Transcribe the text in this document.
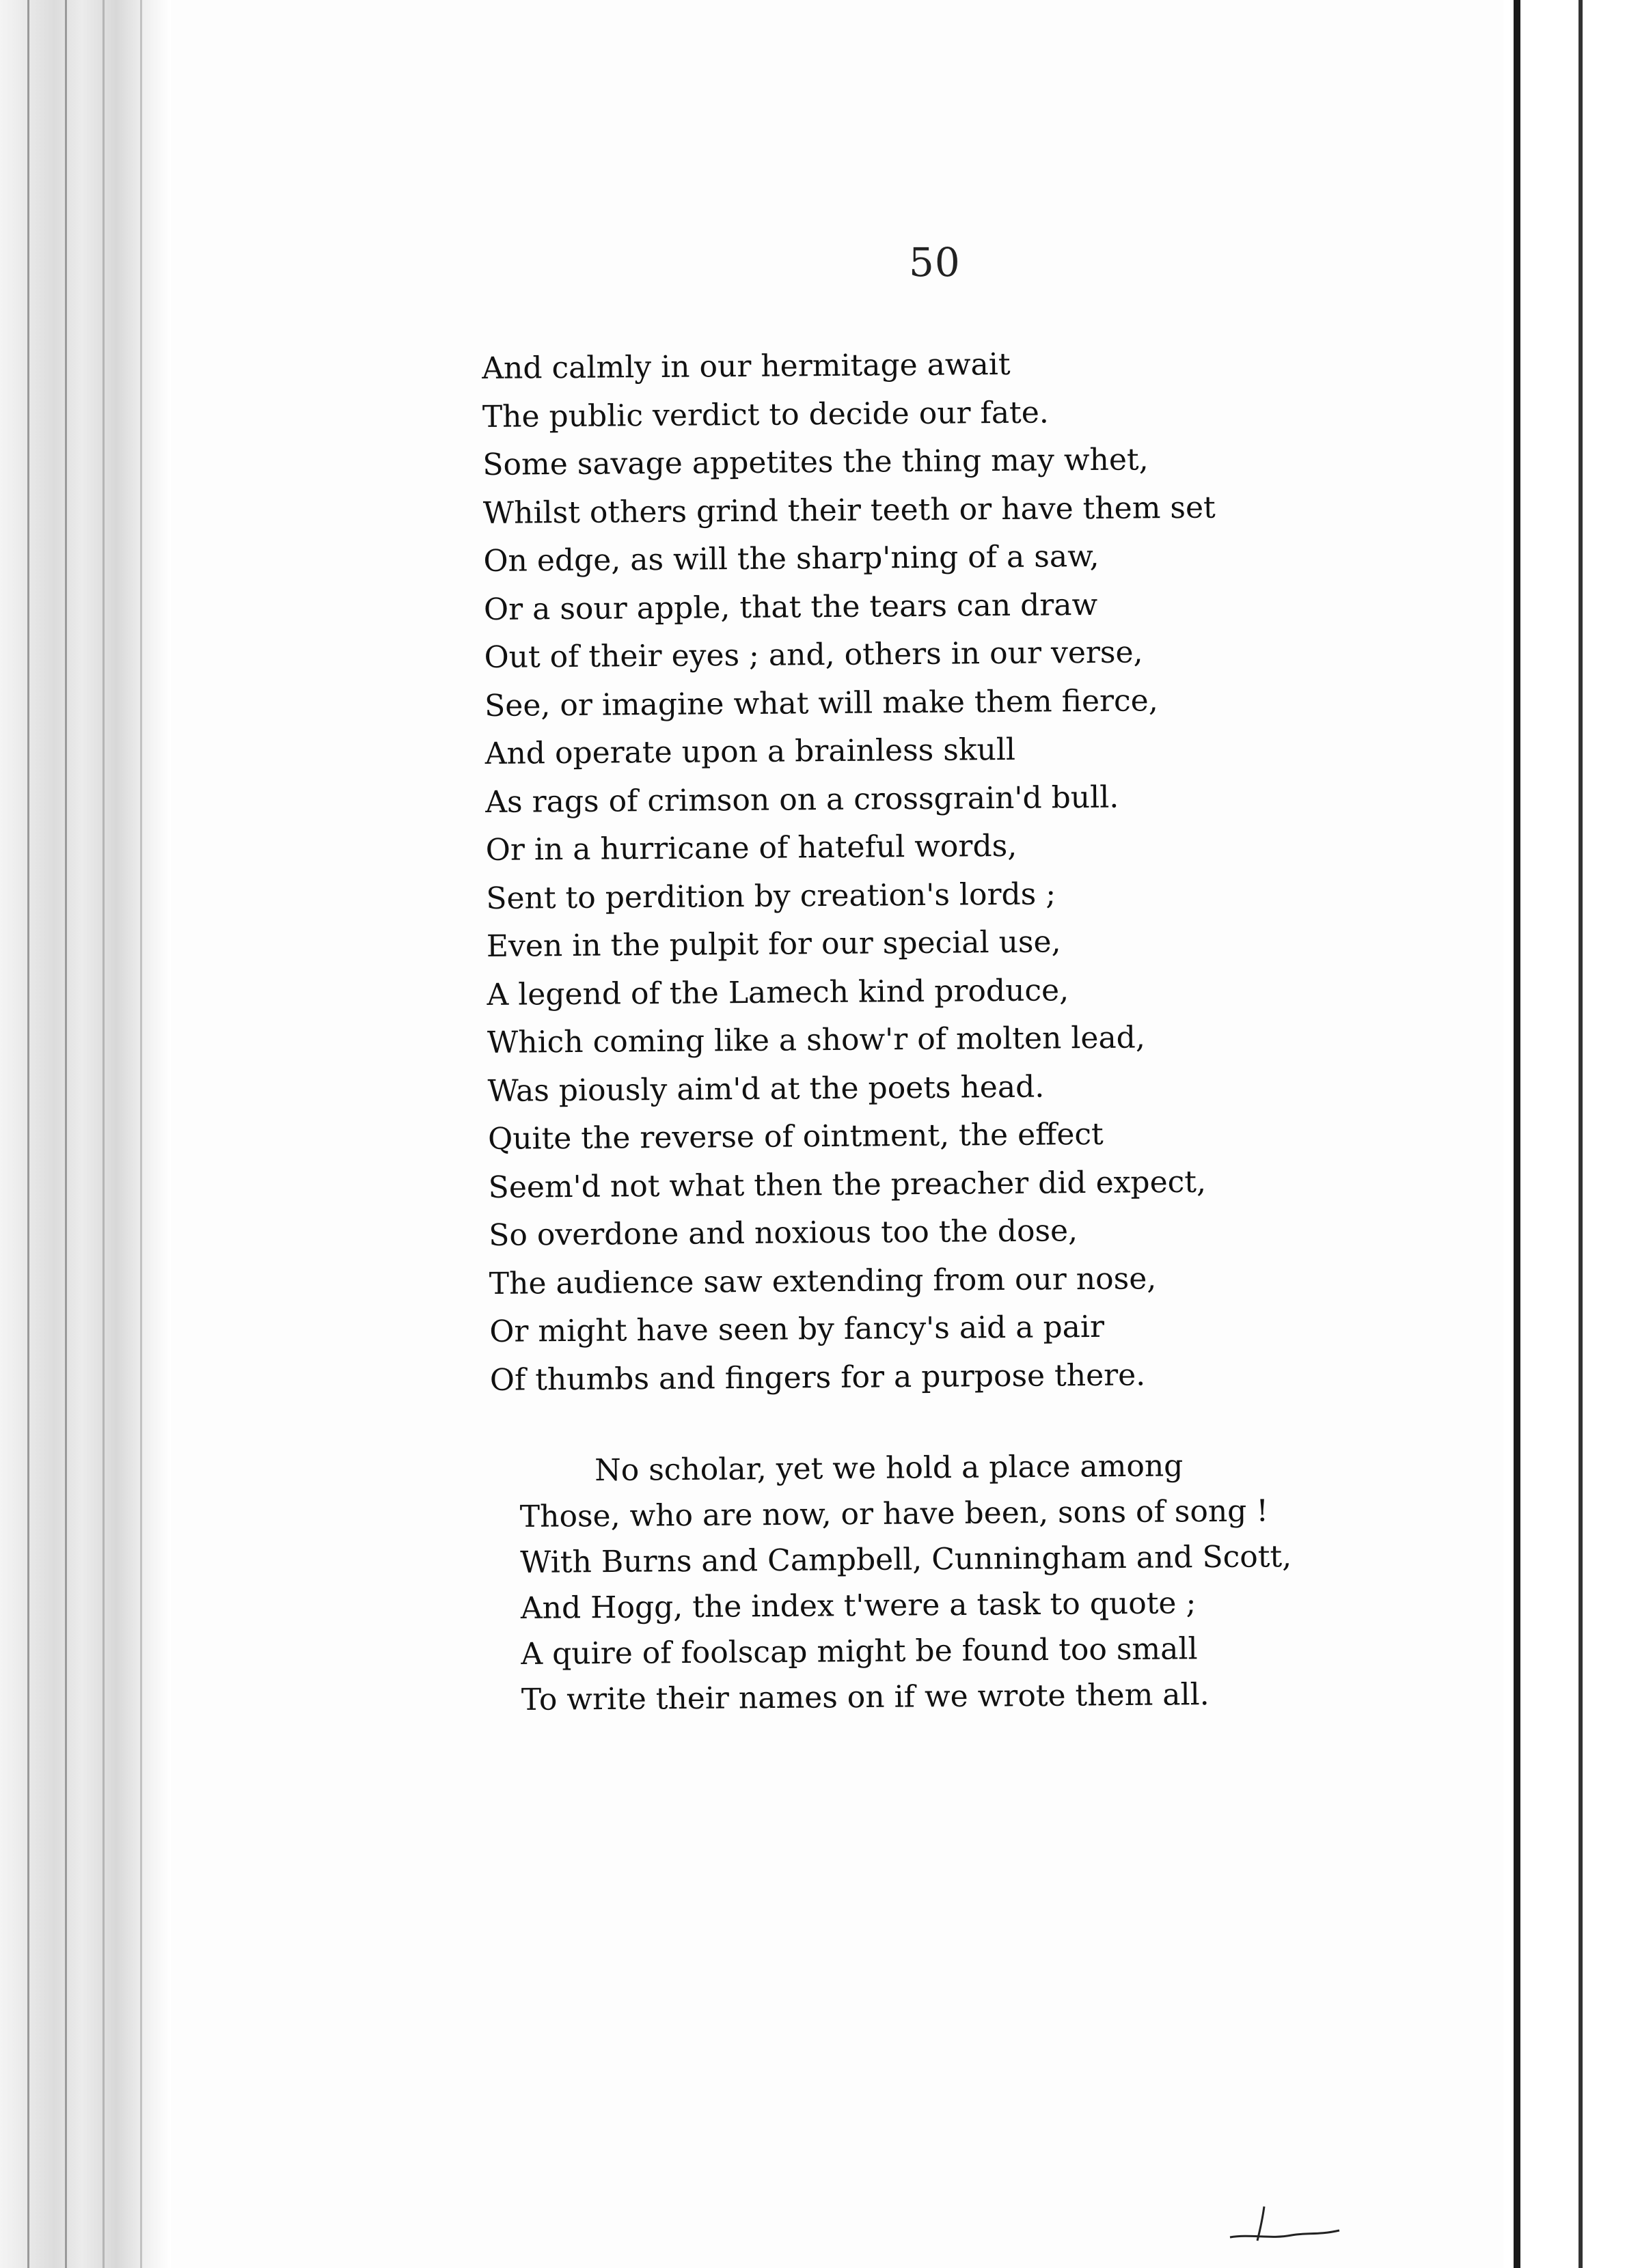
50
And calmly in our hermitage await
The public verdict to decide our fate.
Some savage appetites the thing may whet,
Whilst others grind their teeth or have them set
On edge, as will the sharp'ning of a saw,
Or a sour apple, that the tears can draw
Out of their eyes ; and, others in our verse,
See, or imagine what will make them fierce,
And operate upon a brainless skull
As rags of crimson on a crossgrain'd bull.
Or in a hurricane of hateful words,
Sent to perdition by creation's lords ;
Even in the pulpit for our special use,
A legend of the Lamech kind produce,
Which coming like a show'r of molten lead,
Was piously aim'd at the poets head.
Quite the reverse of ointment, the effect
Seem'd not what then the preacher did expect,
So overdone and noxious too the dose,
The audience saw extending from our nose,
Or might have seen by fancy's aid a pair
Of thumbs and fingers for a purpose there.
No scholar, yet we hold a place among
Those, who are now, or have been, sons of song !
With Burns and Campbell, Cunningham and Scott,
And Hogg, the index t'were a task to quote ;
A quire of foolscap might be found too small
To write their names on if we wrote them all.
